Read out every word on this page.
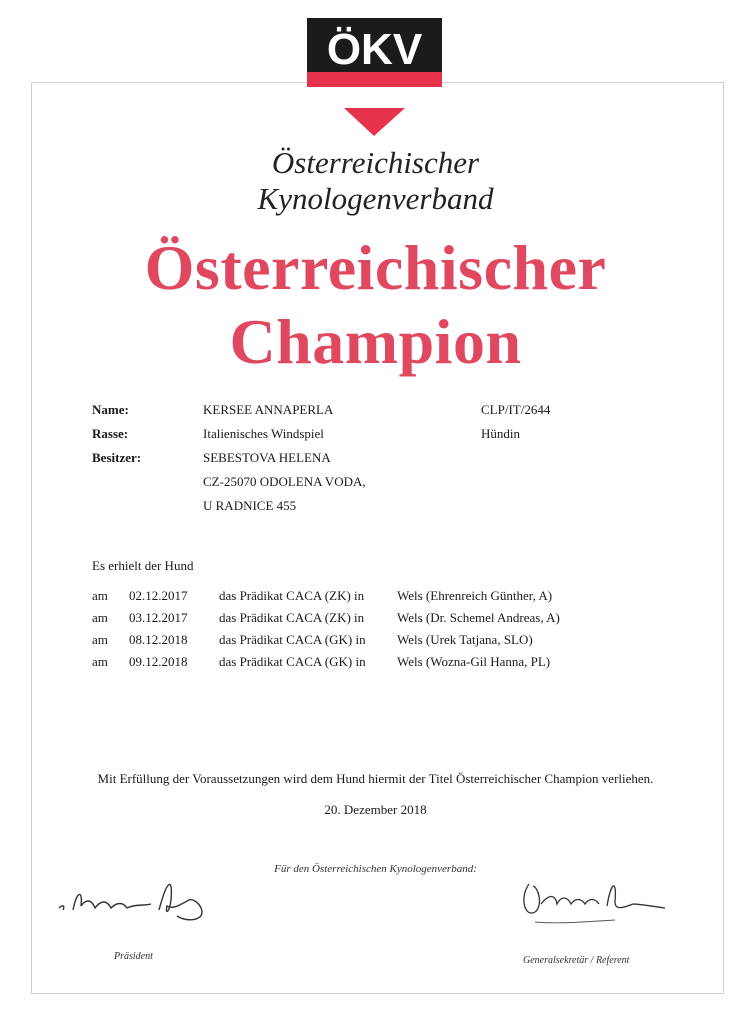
ÖKV
Österreichischer
Kynologenverband
Österreichischer
Champion
Name:	KERSEE ANNAPERLA	CLP/IT/2644
Rasse:	Italienisches Windspiel	Hündin
Besitzer:	SEBESTOVA HELENA
CZ-25070 ODOLENA VODA,
U RADNICE 455
Es erhielt der Hund
am 02.12.2017 das Prädikat CACA (ZK) in	Wels (Ehrenreich Günther, A)
am 03.12.2017 das Prädikat CACA (ZK) in	Wels (Dr. Schemel Andreas, A)
am 08.12.2018 das Prädikat CACA (GK) in Wels (Urek Tatjana, SLO)
am 09.12.2018 das Prädikat CACA (GK) in Wels (Wozna-Gil Hanna, PL)
Mit Erfüllung der Voraussetzungen wird dem Hund hiermit der Titel Österreichischer Champion verliehen.
20. Dezember 2018
Für den Österreichischen Kynologenverband:
Präsident	Generalsekretär / Referent
